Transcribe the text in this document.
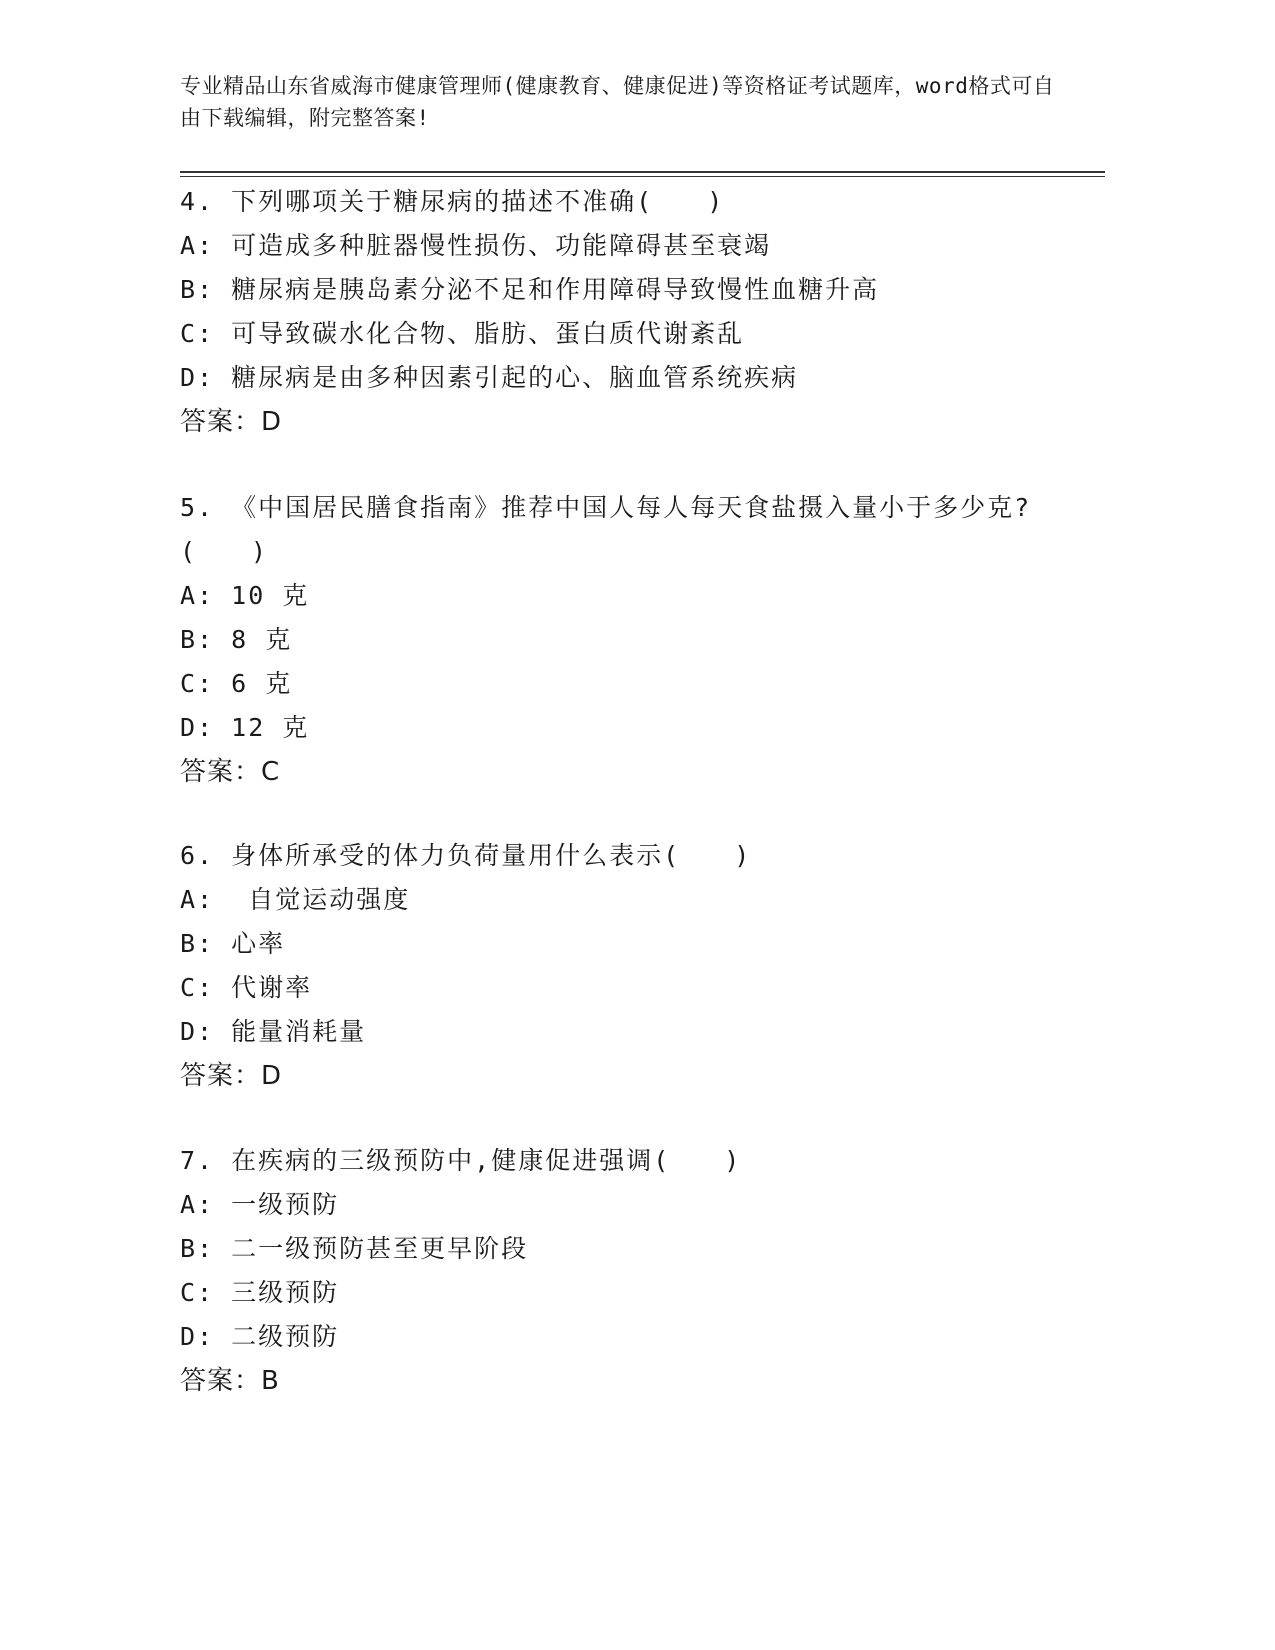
专业精品山东省威海市健康管理师(健康教育、健康促进)等资格证考试题库，word格式可自由下载编辑，附完整答案!

4. 下列哪项关于糖尿病的描述不准确(　　)
A: 可造成多种脏器慢性损伤、功能障碍甚至衰竭
B: 糖尿病是胰岛素分泌不足和作用障碍导致慢性血糖升高
C: 可导致碳水化合物、脂肪、蛋白质代谢紊乱
D: 糖尿病是由多种因素引起的心、脑血管系统疾病
答案：D
5. 《中国居民膳食指南》推荐中国人每人每天食盐摄入量小于多少克?(　　)
A: 10 克
B: 8 克
C: 6 克
D: 12 克
答案：C
6. 身体所承受的体力负荷量用什么表示(　　)
A:  自觉运动强度
B: 心率
C: 代谢率
D: 能量消耗量
答案：D
7. 在疾病的三级预防中,健康促进强调(　　)
A: 一级预防
B: 二一级预防甚至更早阶段
C: 三级预防
D: 二级预防
答案：B
